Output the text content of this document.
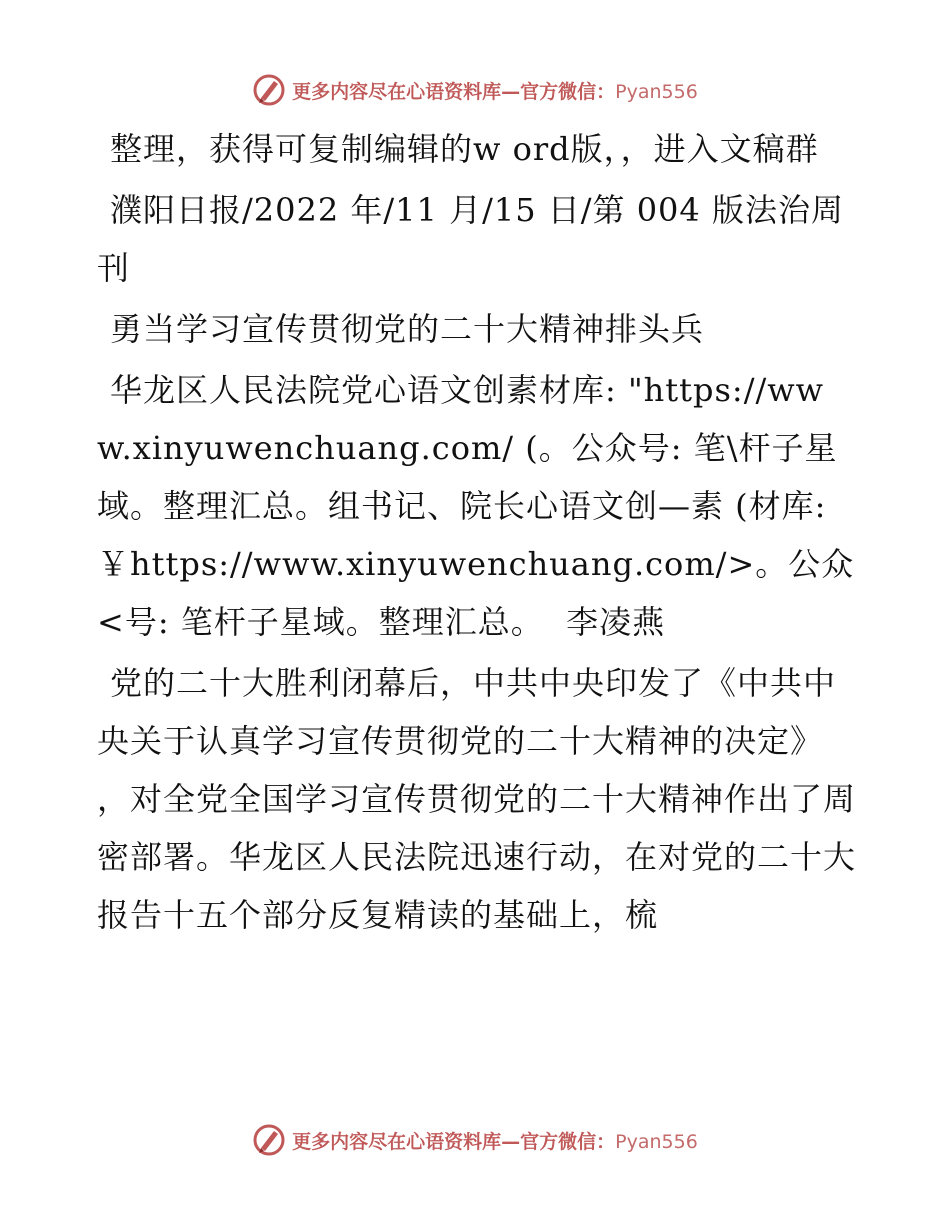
更多内容尽在心语资料库—官方微信：Pyan556

整理，获得可复制编辑的w ord版，，进入文稿群

濮阳日报/2022 年/11 月/15 日/第 004 版法治周刊

勇当学习宣传贯彻党的二十大精神排头兵

华龙区人民法院党心语文创素材库: "https://www.xinyuwenchuang.com/ (。公众号: 笔\杆子星域。整理汇总。组书记、院长心语文创—素 (材库: ￥https://www.xinyuwenchuang.com/>。公众<号: 笔杆子星域。整理汇总。  李凌燕

党的二十大胜利闭幕后，中共中央印发了《中共中央关于认真学习宣传贯彻党的二十大精神的决定》 ，对全党全国学习宣传贯彻党的二十大精神作出了周密部署。华龙区人民法院迅速行动，在对党的二十大报告十五个部分反复精读的基础上，梳

更多内容尽在心语资料库—官方微信：Pyan556
